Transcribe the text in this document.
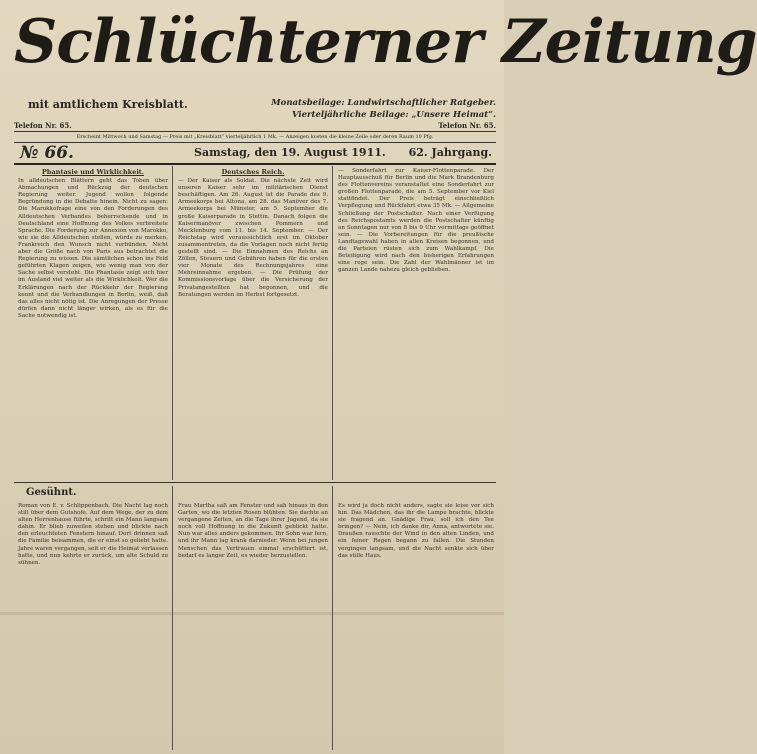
Schlüchterner Zeitung
mit amtlichem Kreisblatt.	Monatsbeilage: Landwirtschaftlicher Ratgeber. Vierteljährliche Beilage: „Unsere Heimat“.
Telefon Nr. 65.	Telefon Nr. 65.
Erscheint Mittwoch und Samstag — Preis mit „Kreisblatt“ vierteljährlich 1 Mk. — Anzeigen kosten die kleine Zeile oder deren Raum 10 Pfg.
№ 66.	Samstag, den 19. August 1911. 62. Jahrgang.
Phantasie und Wirklichkeit.
In alldeutschen Blättern geht das Toben über Abmachungen und Rückzug der deutschen Regierung weiter. Jugend wollen folgende Begründung in die Debatte hinein. Nicht zu sagen: Die Marokkofrage eine von den Forderungen des Alldeutschen Verbandes beherrschende und in Deutschland eine Hoffnung des Volkes verbreitete Sprache. Die Forderung zur Annexion von Marokko, wie sie die Alldeutschen stellen, würde zu merken, Frankreich den Wunsch nicht verbünden. Nicht aber die Größe nach von Paris aus betrachtet die Regierung zu wissen. Die sämtlichen schon ins Feld geführten Klagen zeigen, wie wenig man von der Sache selbst versteht. Die Phantasie zeigt sich hier im Ausland viel weiter als die Wirklichkeit. Wer die Erklärungen nach der Rückkehr der Regierung kennt und die Verhandlungen in Berlin, weiß, daß das alles nicht nötig ist. Die Anregungen der Presse dürfen dann nicht länger wirken, als es für die Sache notwendig ist.
Deutsches Reich.
— Der Kaiser als Soldat. Die nächste Zeit wird unseren Kaiser sehr im militärischen Dienst beschäftigen. Am 26. August ist die Parade des 9. Armeekorps bei Altona, am 28. das Manöver des 7. Armeekorps bei Münster, am 5. September die große Kaiserparade in Stettin. Danach folgen die Kaisermanöver zwischen Pommern und Mecklenburg vom 11. bis 14. September. — Der Reichstag wird voraussichtlich erst im Oktober zusammentreten, da die Vorlagen noch nicht fertig gestellt sind. — Die Einnahmen des Reichs an Zöllen, Steuern und Gebühren haben für die ersten vier Monate des Rechnungsjahres eine Mehreinnahme ergeben. — Die Prüfung der Kommissionsvorlage über die Versicherung der Privatangestellten hat begonnen, und die Beratungen werden im Herbst fortgesetzt.
— Sonderfahrt zur Kaiser-Flottenparade. Der Hauptausschuß für Berlin und die Mark Brandenburg des Flottenvereins veranstaltet eine Sonderfahrt zur großen Flottenparade, die am 5. September vor Kiel stattfindet. Der Preis beträgt einschließlich Verpflegung und Rückfahrt etwa 35 Mk. — Allgemeine Schließung der Postschalter. Nach einer Verfügung des Reichspostamts werden die Postschalter künftig an Sonntagen nur von 8 bis 9 Uhr vormittags geöffnet sein. — Die Vorbereitungen für die preußische Landtagswahl haben in allen Kreisen begonnen, und die Parteien rüsten sich zum Wahlkampf. Die Beteiligung wird nach den bisherigen Erfahrungen eine rege sein. Die Zahl der Wahlmänner ist im ganzen Lande nahezu gleich geblieben.
Gesühnt.
Roman von E. v. Schlippenbach. Die Nacht lag noch still über dem Gutshofe. Auf dem Wege, der zu dem alten Herrenhause führte, schritt ein Mann langsam dahin. Er blieb zuweilen stehen und blickte nach den erleuchteten Fenstern hinauf. Dort drinnen saß die Familie beisammen, die er einst so geliebt hatte. Jahre waren vergangen, seit er die Heimat verlassen hatte, und nun kehrte er zurück, um alte Schuld zu sühnen.
Frau Martha saß am Fenster und sah hinaus in den Garten, wo die letzten Rosen blühten. Sie dachte an vergangene Zeiten, an die Tage ihrer Jugend, da sie noch voll Hoffnung in die Zukunft geblickt hatte. Nun war alles anders gekommen. Ihr Sohn war fern, und ihr Mann lag krank darnieder. Wenn bei jungen Menschen das Vertrauen einmal erschüttert ist, bedarf es langer Zeit, es wieder herzustellen.
Es wird ja doch nicht anders, sagte sie leise vor sich hin. Das Mädchen, das ihr die Lampe brachte, blickte sie fragend an. Gnädige Frau, soll ich den Tee bringen? — Nein, ich danke dir, Anna, antwortete sie. Draußen rauschte der Wind in den alten Linden, und ein feiner Regen begann zu fallen. Die Stunden vergingen langsam, und die Nacht senkte sich über das stille Haus.
